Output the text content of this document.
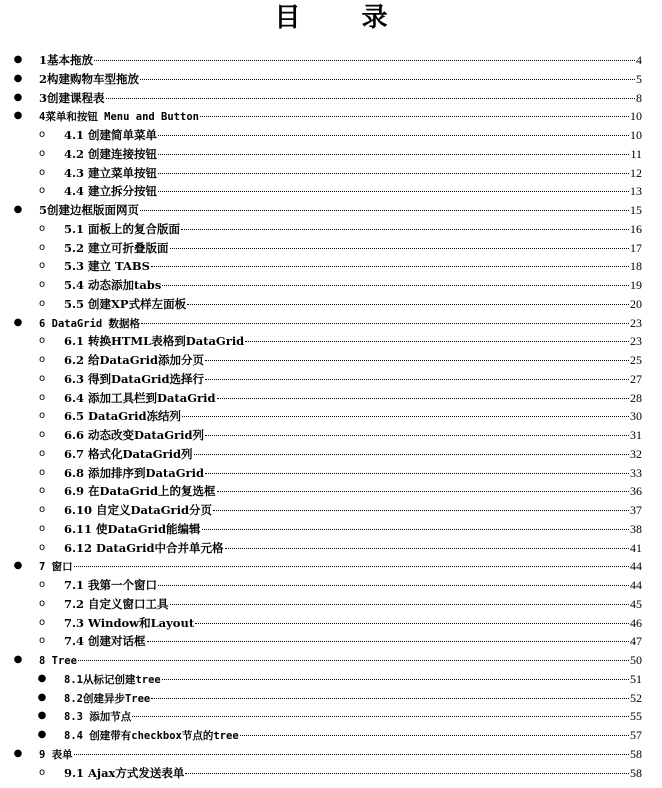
目 录
● 1基本拖放	4
● 2构建购物车型拖放	5
● 3创建课程表	8
● 4菜单和按钮 Menu and Button	10
o 4.1 创建简单菜单	10
o 4.2 创建连接按钮	11
o 4.3 建立菜单按钮	12
o 4.4 建立拆分按钮	13
● 5创建边框版面网页	15
o 5.1 面板上的复合版面	16
o 5.2 建立可折叠版面	17
o 5.3 建立 TABS	18
o 5.4 动态添加tabs	19
o 5.5 创建XP式样左面板	20
● 6 DataGrid 数据格	23
o 6.1 转换HTML表格到DataGrid	23
o 6.2 给DataGrid添加分页	25
o 6.3 得到DataGrid选择行	27
o 6.4 添加工具栏到DataGrid	28
o 6.5 DataGrid冻结列	30
o 6.6 动态改变DataGrid列	31
o 6.7 格式化DataGrid列	32
o 6.8 添加排序到DataGrid	33
o 6.9 在DataGrid上的复选框	36
o 6.10 自定义DataGrid分页	37
o 6.11 使DataGrid能编辑	38
o 6.12 DataGrid中合并单元格	41
● 7 窗口	44
o 7.1 我第一个窗口	44
o 7.2 自定义窗口工具	45
o 7.3 Window和Layout	46
o 7.4 创建对话框	47
● 8 Tree	50
● 8.1从标记创建tree	51
● 8.2创建异步Tree	52
● 8.3 添加节点	55
● 8.4 创建带有checkbox节点的tree	57
● 9 表单	58
o 9.1 Ajax方式发送表单	58
